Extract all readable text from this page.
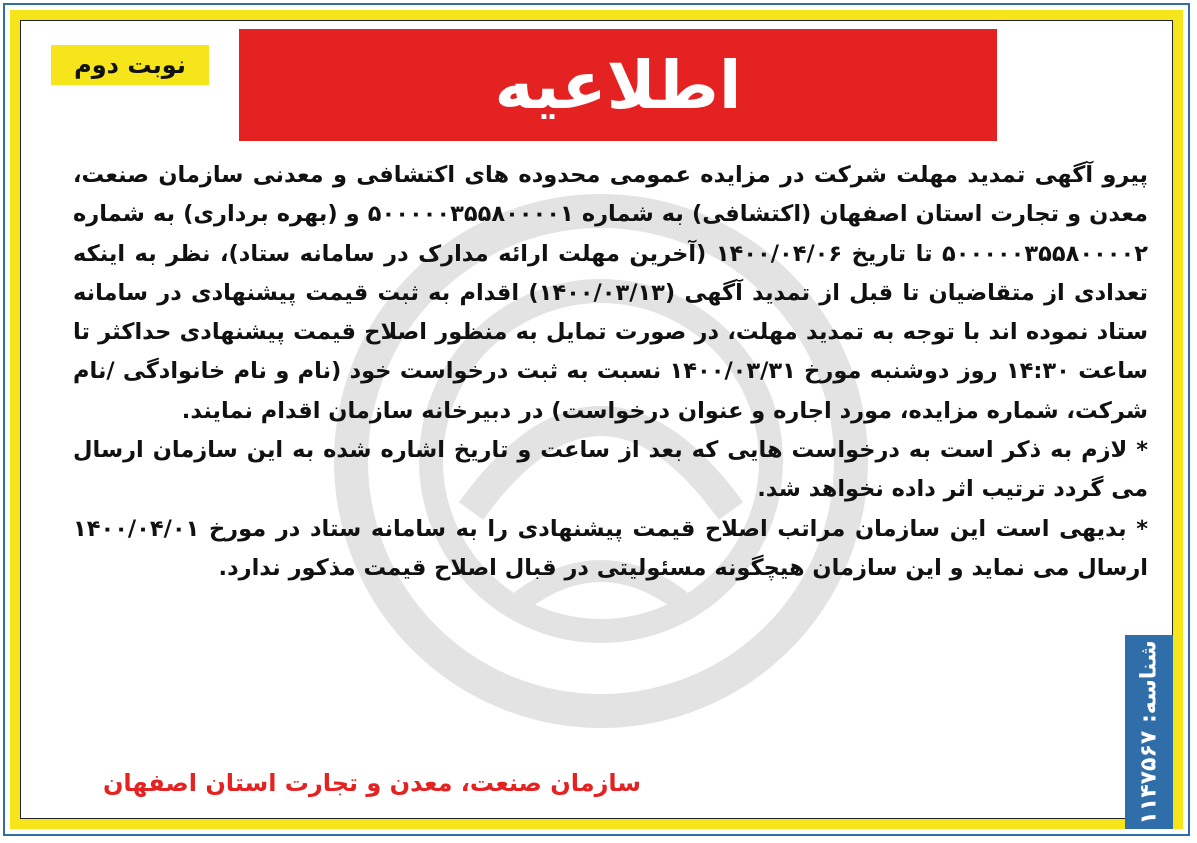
اطلاعیه
نوبت دوم

پیرو آگهی تمدید مهلت شرکت در مزایده عمومی محدوده های اکتشافی و معدنی سازمان صنعت، معدن و تجارت استان اصفهان (اکتشافی) به شماره ۵۰۰۰۰۰۳۵۵۸۰۰۰۰۱ و (بهره برداری) به شماره ۵۰۰۰۰۰۳۵۵۸۰۰۰۰۲ تا تاریخ ۱۴۰۰/۰۴/۰۶ (آخرین مهلت ارائه مدارک در سامانه ستاد)، نظر به اینکه تعدادی از متقاضیان تا قبل از تمدید آگهی (۱۴۰۰/۰۳/۱۳) اقدام به ثبت قیمت پیشنهادی در سامانه ستاد نموده اند با توجه به تمدید مهلت، در صورت تمایل به منظور اصلاح قیمت پیشنهادی حداکثر تا ساعت ۱۴:۳۰ روز دوشنبه مورخ ۱۴۰۰/۰۳/۳۱ نسبت به ثبت درخواست خود (نام و نام خانوادگی /نام شرکت، شماره مزایده، مورد اجاره و عنوان درخواست) در دبیرخانه سازمان اقدام نمایند.

* لازم به ذکر است به درخواست هایی که بعد از ساعت و تاریخ اشاره شده به این سازمان ارسال می گردد ترتیب اثر داده نخواهد شد.

* بدیهی است این سازمان مراتب اصلاح قیمت پیشنهادی را به سامانه ستاد در مورخ ۱۴۰۰/۰۴/۰۱ ارسال می نماید و این سازمان هیچگونه مسئولیتی در قبال اصلاح قیمت مذکور ندارد.

سازمان صنعت، معدن و تجارت استان اصفهان	شناسه: ۱۱۴۷۵۶۷
